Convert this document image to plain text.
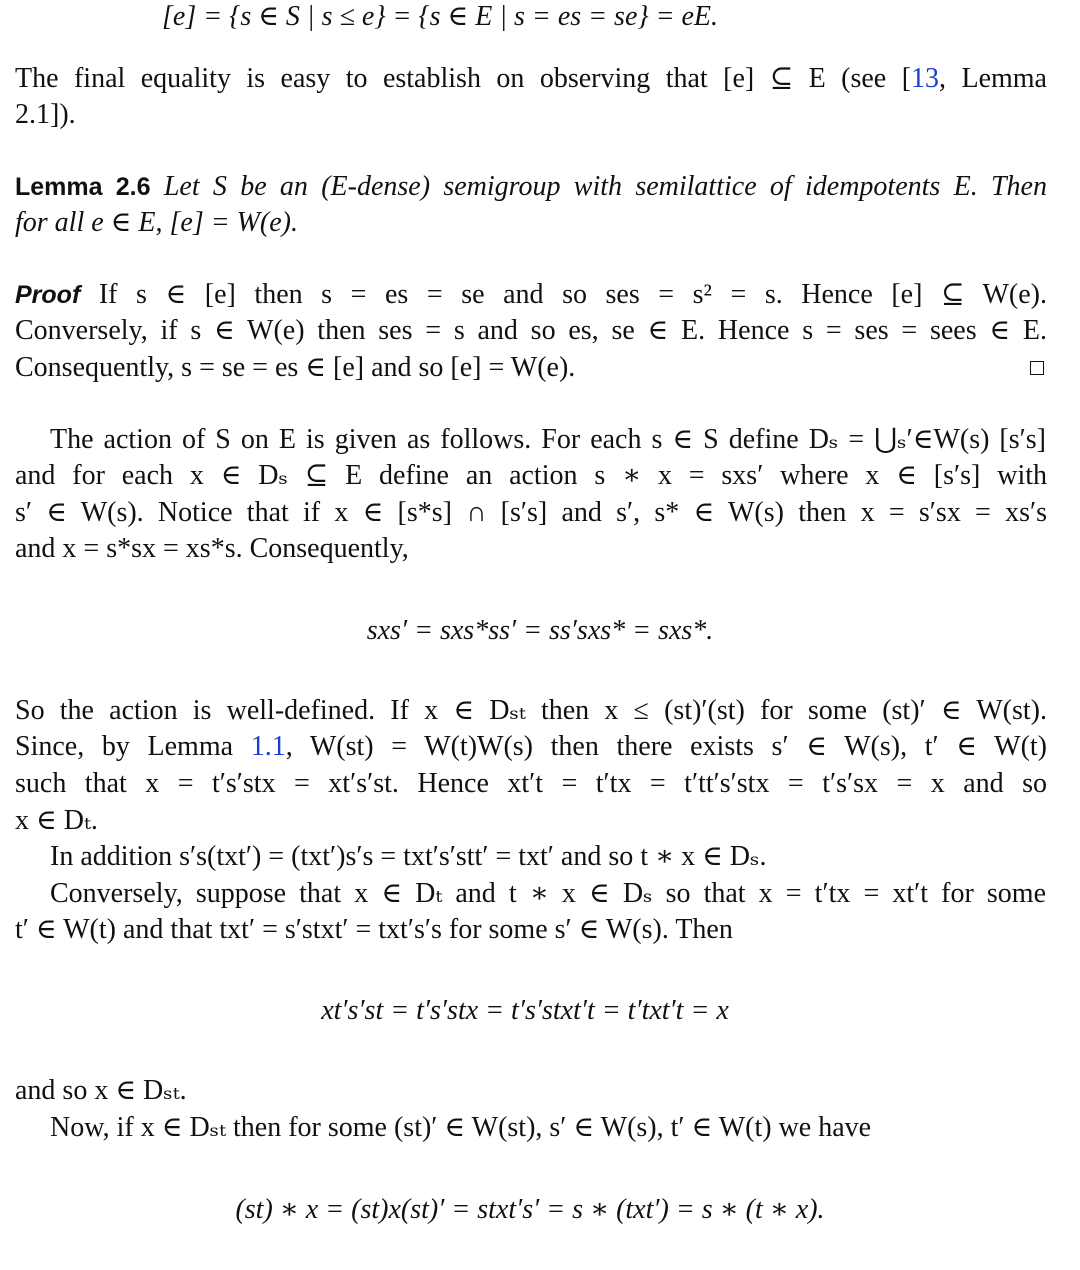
[e] = {s ∈ S | s ≤ e} = {s ∈ E | s = es = se} = eE.
The final equality is easy to establish on observing that [e] ⊆ E (see [13, Lemma
2.1]).
Lemma 2.6 Let S be an (E-dense) semigroup with semilattice of idempotents E. Then
for all e ∈ E, [e] = W(e).
Proof If s ∈ [e] then s = es = se and so ses = s² = s. Hence [e] ⊆ W(e).
Conversely, if s ∈ W(e) then ses = s and so es, se ∈ E. Hence s = ses = sees ∈ E.
Consequently, s = se = es ∈ [e] and so [e] = W(e).
The action of S on E is given as follows. For each s ∈ S define Dₛ = ⋃ₛ′∈W(s) [s′s]
and for each x ∈ Dₛ ⊆ E define an action s ∗ x = sxs′ where x ∈ [s′s] with
s′ ∈ W(s). Notice that if x ∈ [s*s] ∩ [s′s] and s′, s* ∈ W(s) then x = s′sx = xs′s
and x = s*sx = xs*s. Consequently,
sxs′ = sxs*ss′ = ss′sxs* = sxs*.
So the action is well-defined. If x ∈ Dₛₜ then x ≤ (st)′(st) for some (st)′ ∈ W(st).
Since, by Lemma 1.1, W(st) = W(t)W(s) then there exists s′ ∈ W(s), t′ ∈ W(t)
such that x = t′s′stx = xt′s′st. Hence xt′t = t′tx = t′tt′s′stx = t′s′sx = x and so
x ∈ Dₜ.
In addition s′s(txt′) = (txt′)s′s = txt′s′stt′ = txt′ and so t ∗ x ∈ Dₛ.
Conversely, suppose that x ∈ Dₜ and t ∗ x ∈ Dₛ so that x = t′tx = xt′t for some
t′ ∈ W(t) and that txt′ = s′stxt′ = txt′s′s for some s′ ∈ W(s). Then
xt′s′st = t′s′stx = t′s′stxt′t = t′txt′t = x
and so x ∈ Dₛₜ.
Now, if x ∈ Dₛₜ then for some (st)′ ∈ W(st), s′ ∈ W(s), t′ ∈ W(t) we have
(st) ∗ x = (st)x(st)′ = stxt′s′ = s ∗ (txt′) = s ∗ (t ∗ x).
